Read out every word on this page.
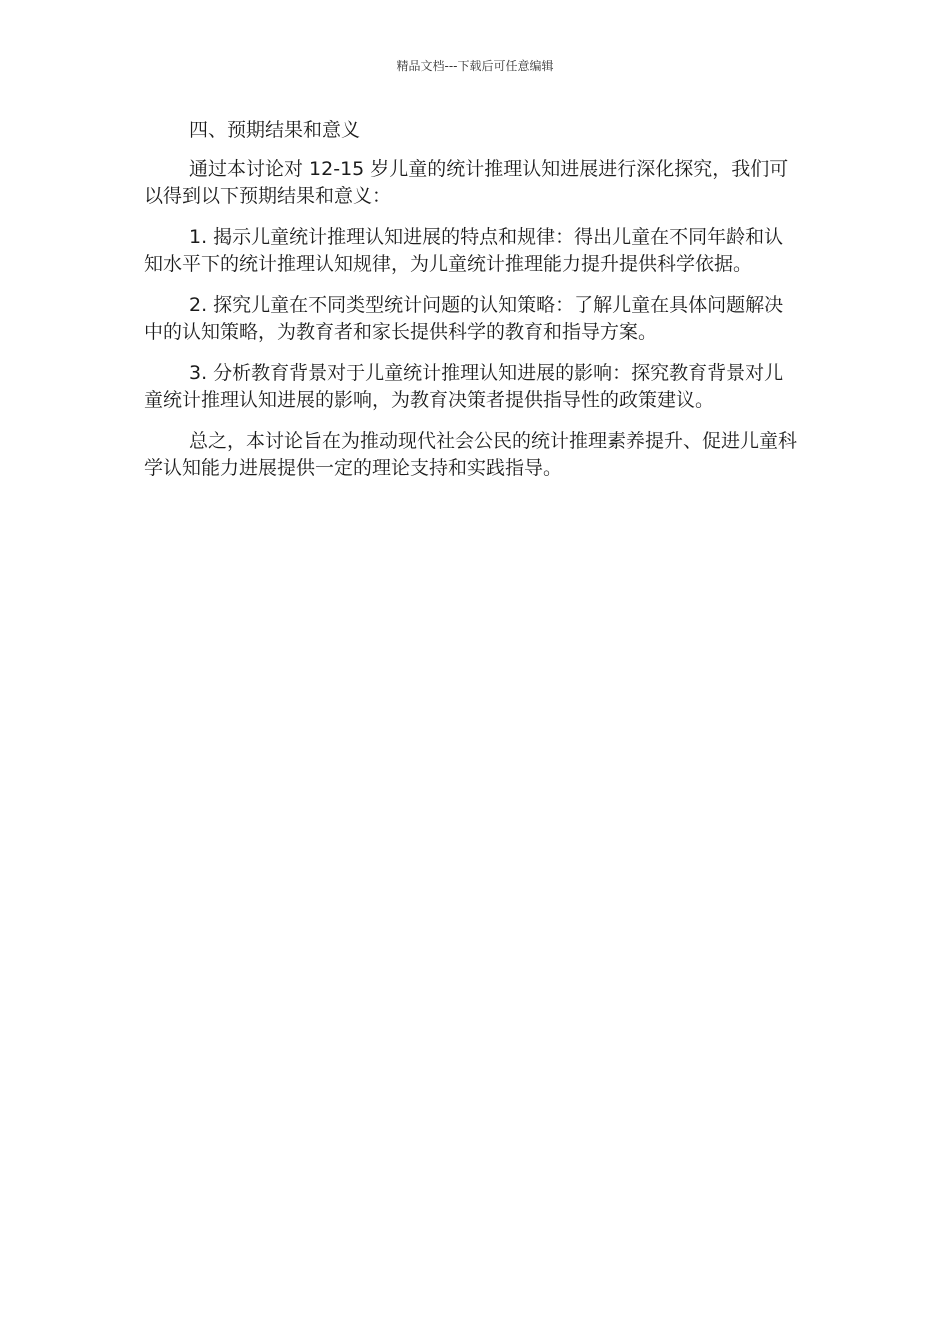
精品文档---下载后可任意编辑

四、预期结果和意义

通过本讨论对 12-15 岁儿童的统计推理认知进展进行深化探究，我们可以得到以下预期结果和意义：

1. 揭示儿童统计推理认知进展的特点和规律：得出儿童在不同年龄和认知水平下的统计推理认知规律，为儿童统计推理能力提升提供科学依据。

2. 探究儿童在不同类型统计问题的认知策略：了解儿童在具体问题解决中的认知策略，为教育者和家长提供科学的教育和指导方案。

3. 分析教育背景对于儿童统计推理认知进展的影响：探究教育背景对儿童统计推理认知进展的影响，为教育决策者提供指导性的政策建议。

总之，本讨论旨在为推动现代社会公民的统计推理素养提升、促进儿童科学认知能力进展提供一定的理论支持和实践指导。
